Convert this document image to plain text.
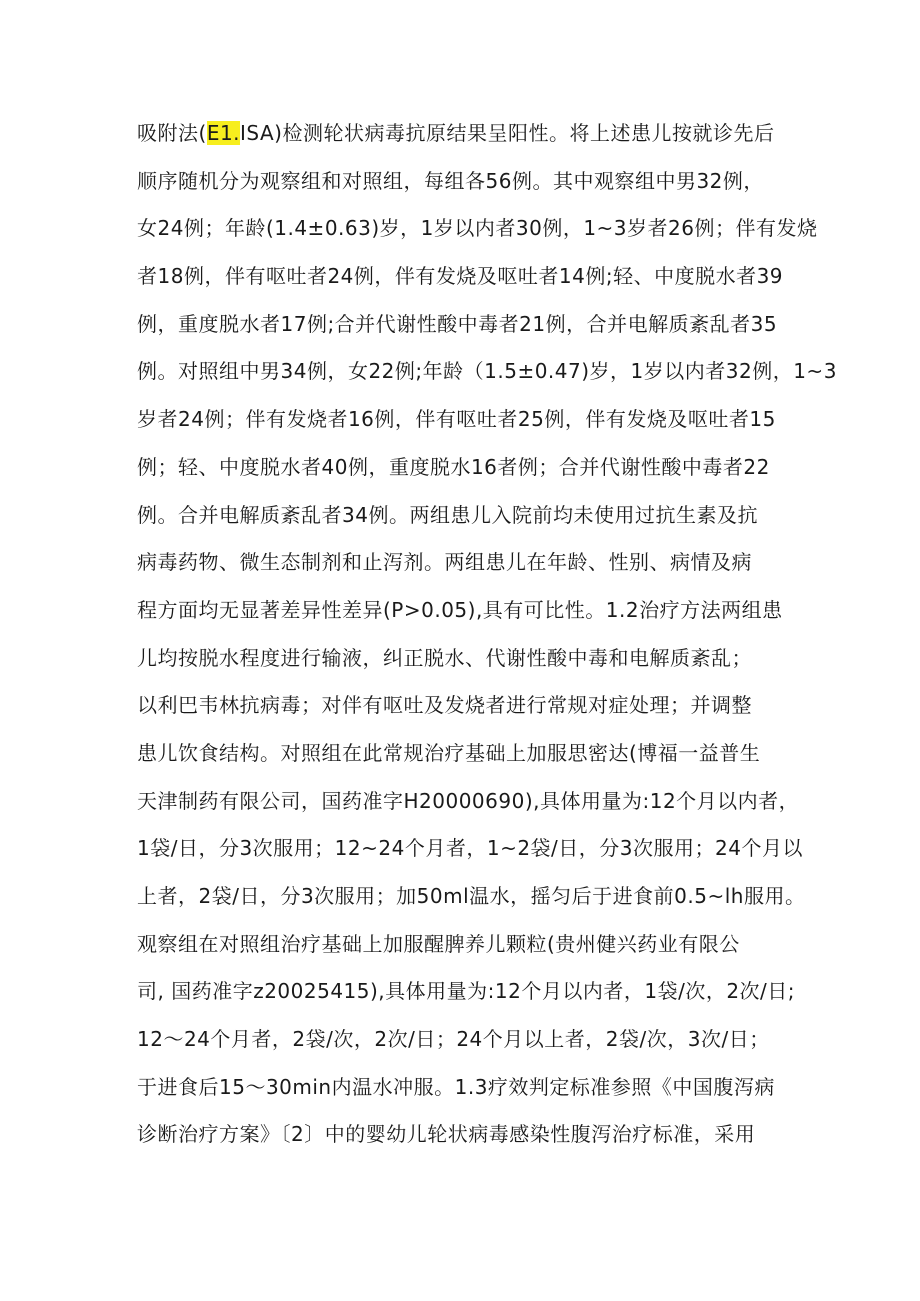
吸附法(E1.ISA)检测轮状病毒抗原结果呈阳性。将上述患儿按就诊先后
顺序随机分为观察组和对照组，每组各56例。其中观察组中男32例，
女24例；年龄(1.4±0.63)岁，1岁以内者30例，1~3岁者26例；伴有发烧
者18例，伴有呕吐者24例，伴有发烧及呕吐者14例;轻、中度脱水者39
例，重度脱水者17例;合并代谢性酸中毒者21例，合并电解质紊乱者35
例。对照组中男34例，女22例;年龄（1.5±0.47)岁，1岁以内者32例，1~3
岁者24例；伴有发烧者16例，伴有呕吐者25例，伴有发烧及呕吐者15
例；轻、中度脱水者40例，重度脱水16者例；合并代谢性酸中毒者22
例。合并电解质紊乱者34例。两组患儿入院前均未使用过抗生素及抗
病毒药物、微生态制剂和止泻剂。两组患儿在年龄、性别、病情及病
程方面均无显著差异性差异(P>0.05),具有可比性。1.2治疗方法两组患
儿均按脱水程度进行输液，纠正脱水、代谢性酸中毒和电解质紊乱；
以利巴韦林抗病毒；对伴有呕吐及发烧者进行常规对症处理；并调整
患儿饮食结构。对照组在此常规治疗基础上加服思密达(博福一益普生
天津制药有限公司，国药准字H20000690),具体用量为:12个月以内者，
1袋/日，分3次服用；12~24个月者，1~2袋/日，分3次服用；24个月以
上者，2袋/日，分3次服用；加50ml温水，摇匀后于进食前0.5~lh服用。
观察组在对照组治疗基础上加服醒脾养儿颗粒(贵州健兴药业有限公
司, 国药准字z20025415),具体用量为:12个月以内者，1袋/次，2次/日;
12～24个月者，2袋/次，2次/日；24个月以上者，2袋/次，3次/日；
于进食后15～30min内温水冲服。1.3疗效判定标准参照《中国腹泻病
诊断治疗方案》〔2〕中的婴幼儿轮状病毒感染性腹泻治疗标准，采用
